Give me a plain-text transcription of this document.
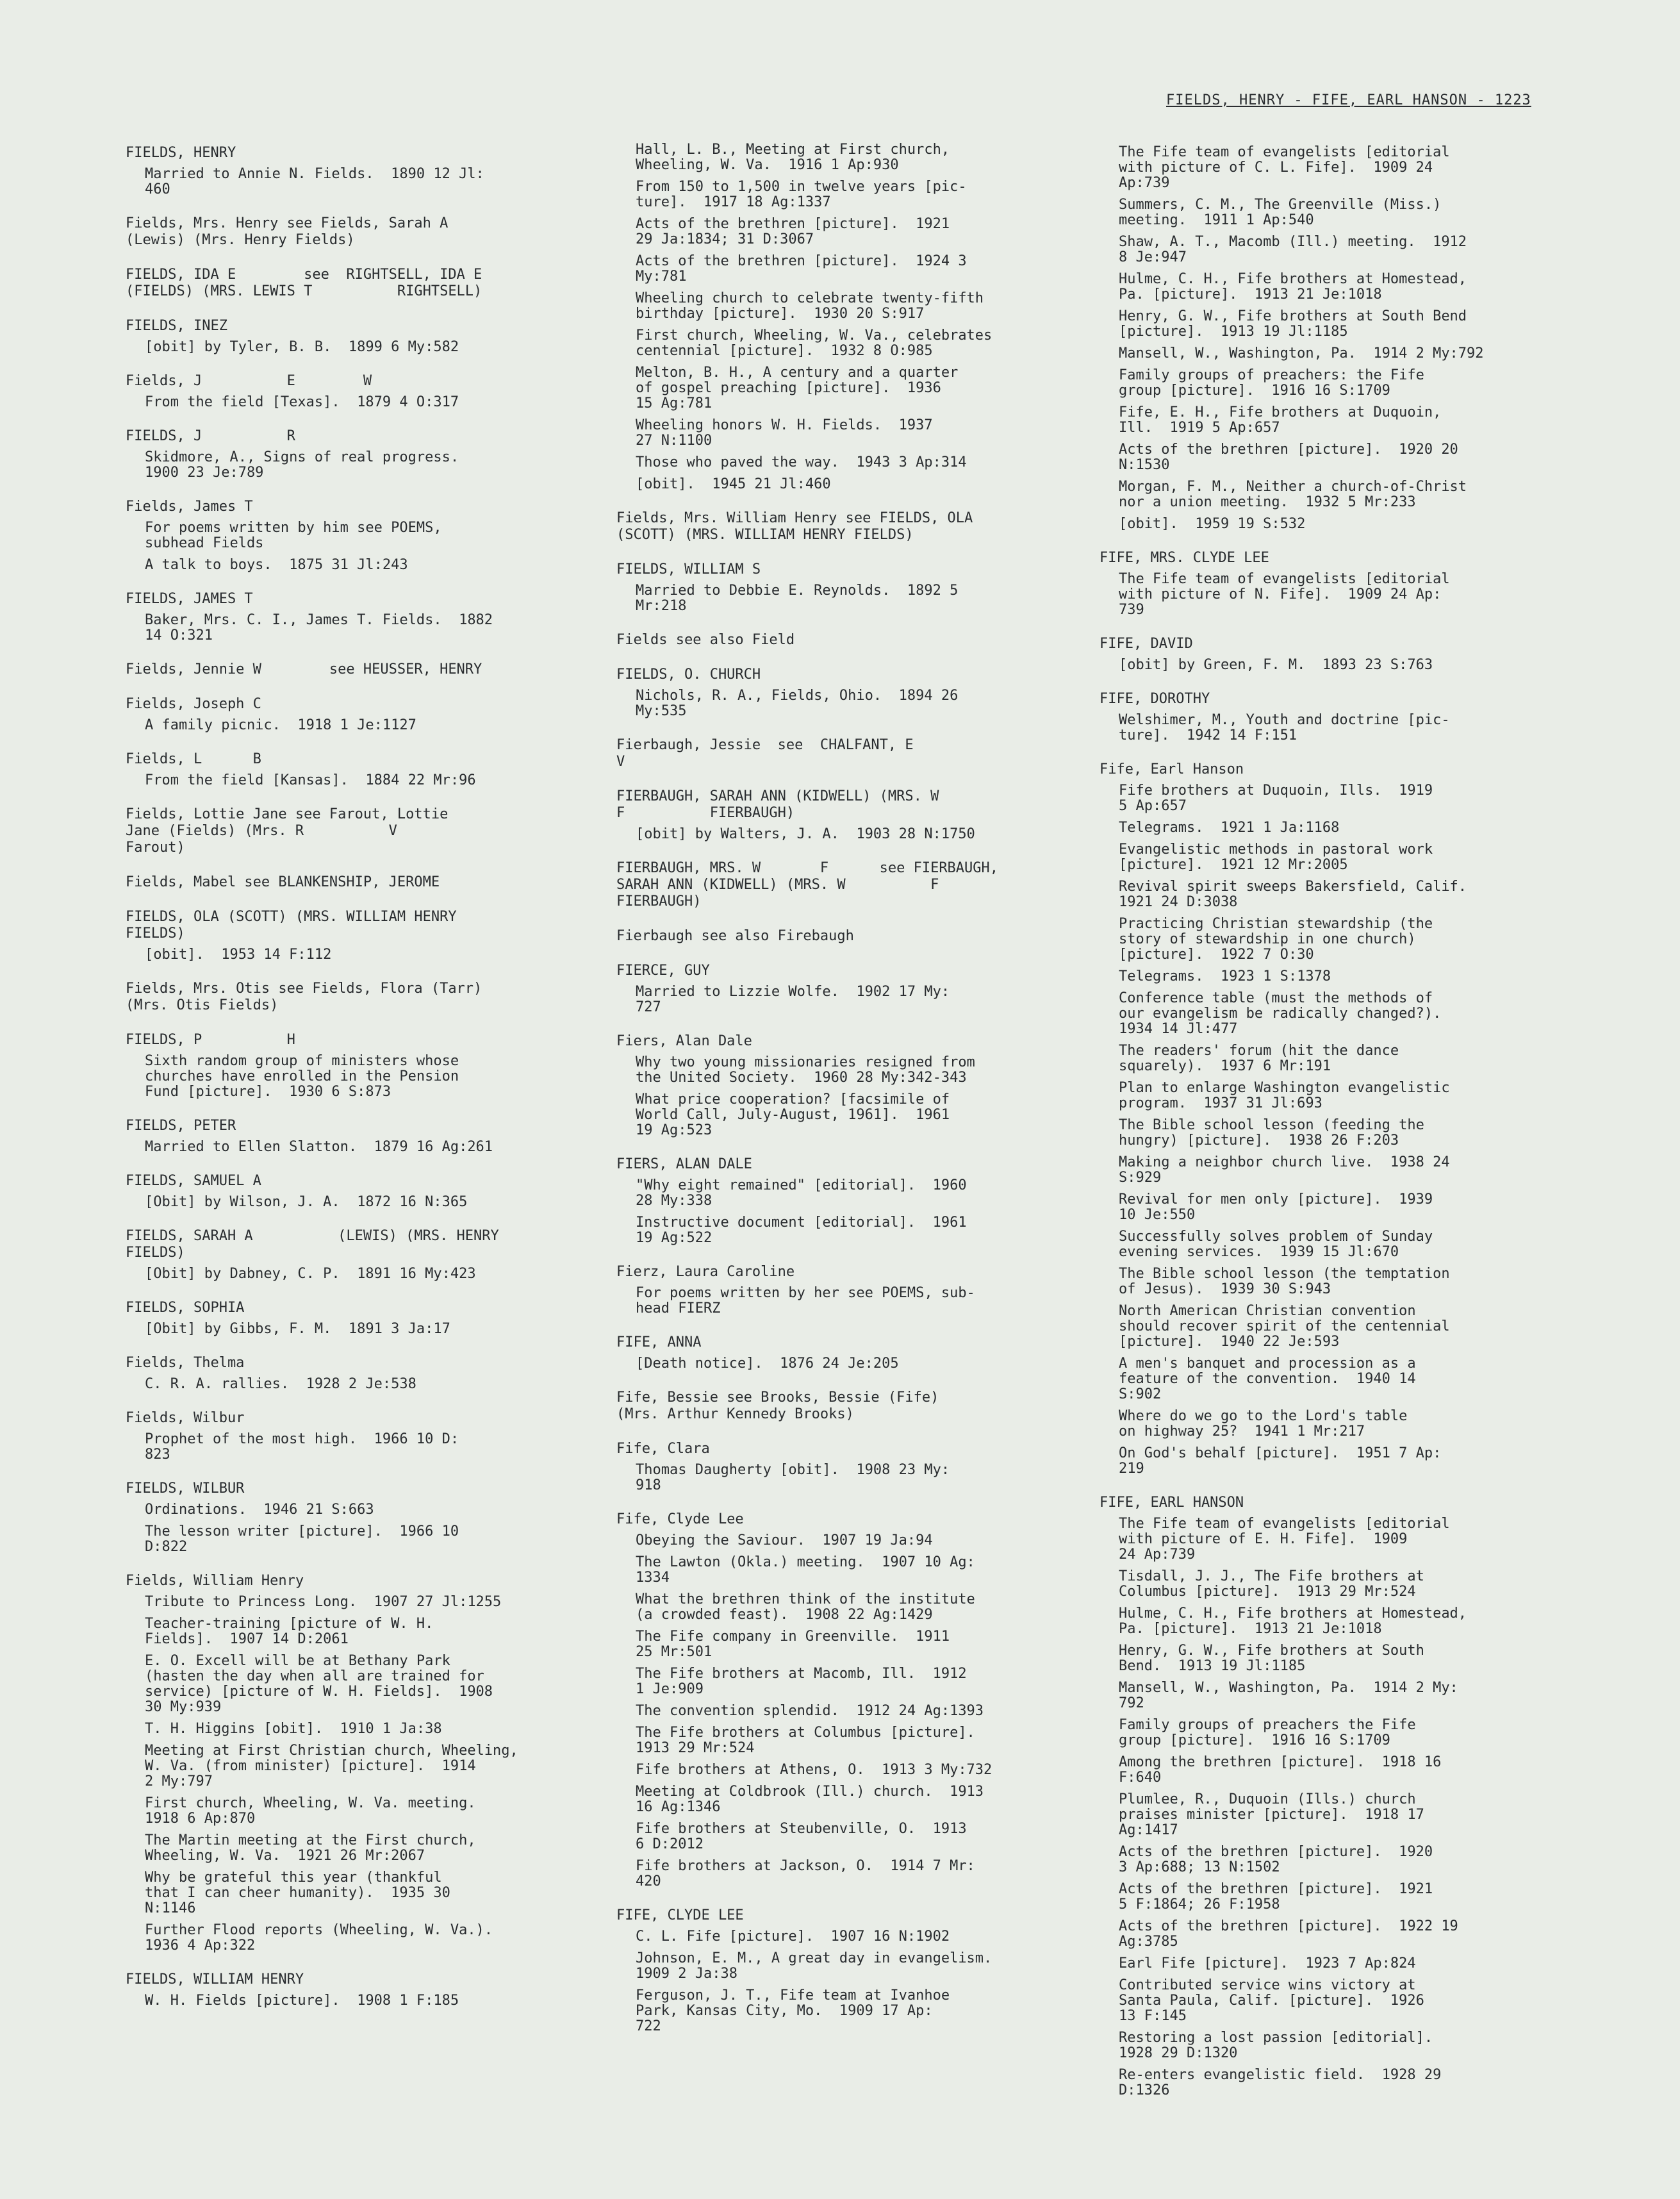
FIELDS, HENRY - FIFE, EARL HANSON - 1223
FIELDS, HENRY
Married to Annie N. Fields.  1890 12 Jl:
460
Fields, Mrs. Henry see Fields, Sarah A
(Lewis) (Mrs. Henry Fields)
FIELDS, IDA E        see  RIGHTSELL, IDA E
(FIELDS) (MRS. LEWIS T          RIGHTSELL)
FIELDS, INEZ
[obit] by Tyler, B. B.  1899 6 My:582
Fields, J          E        W
From the field [Texas].  1879 4 O:317
FIELDS, J          R
Skidmore, A., Signs of real progress.
1900 23 Je:789
Fields, James T
For poems written by him see POEMS,
subhead Fields
A talk to boys.  1875 31 Jl:243
FIELDS, JAMES T
Baker, Mrs. C. I., James T. Fields.  1882
14 O:321
Fields, Jennie W        see HEUSSER, HENRY
Fields, Joseph C
A family picnic.  1918 1 Je:1127
Fields, L      B
From the field [Kansas].  1884 22 Mr:96
Fields, Lottie Jane see Farout, Lottie
Jane (Fields) (Mrs. R          V
Farout)
Fields, Mabel see BLANKENSHIP, JEROME
FIELDS, OLA (SCOTT) (MRS. WILLIAM HENRY
FIELDS)
[obit].  1953 14 F:112
Fields, Mrs. Otis see Fields, Flora (Tarr)
(Mrs. Otis Fields)
FIELDS, P          H
Sixth random group of ministers whose
churches have enrolled in the Pension
Fund [picture].  1930 6 S:873
FIELDS, PETER
Married to Ellen Slatton.  1879 16 Ag:261
FIELDS, SAMUEL A
[Obit] by Wilson, J. A.  1872 16 N:365
FIELDS, SARAH A          (LEWIS) (MRS. HENRY
FIELDS)
[Obit] by Dabney, C. P.  1891 16 My:423
FIELDS, SOPHIA
[Obit] by Gibbs, F. M.  1891 3 Ja:17
Fields, Thelma
C. R. A. rallies.  1928 2 Je:538
Fields, Wilbur
Prophet of the most high.  1966 10 D:
823
FIELDS, WILBUR
Ordinations.  1946 21 S:663
The lesson writer [picture].  1966 10
D:822
Fields, William Henry
Tribute to Princess Long.  1907 27 Jl:1255
Teacher-training [picture of W. H.
Fields].  1907 14 D:2061
E. O. Excell will be at Bethany Park
(hasten the day when all are trained for
service) [picture of W. H. Fields].  1908
30 My:939
T. H. Higgins [obit].  1910 1 Ja:38
Meeting at First Christian church, Wheeling,
W. Va. (from minister) [picture].  1914
2 My:797
First church, Wheeling, W. Va. meeting.
1918 6 Ap:870
The Martin meeting at the First church,
Wheeling, W. Va.  1921 26 Mr:2067
Why be grateful this year (thankful
that I can cheer humanity).  1935 30
N:1146
Further Flood reports (Wheeling, W. Va.).
1936 4 Ap:322
FIELDS, WILLIAM HENRY
W. H. Fields [picture].  1908 1 F:185
Hall, L. B., Meeting at First church,
Wheeling, W. Va.  1916 1 Ap:930
From 150 to 1,500 in twelve years [pic-
ture].  1917 18 Ag:1337
Acts of the brethren [picture].  1921
29 Ja:1834; 31 D:3067
Acts of the brethren [picture].  1924 3
My:781
Wheeling church to celebrate twenty-fifth
birthday [picture].  1930 20 S:917
First church, Wheeling, W. Va., celebrates
centennial [picture].  1932 8 O:985
Melton, B. H., A century and a quarter
of gospel preaching [picture].  1936
15 Ag:781
Wheeling honors W. H. Fields.  1937
27 N:1100
Those who paved the way.  1943 3 Ap:314
[obit].  1945 21 Jl:460
Fields, Mrs. William Henry see FIELDS, OLA
(SCOTT) (MRS. WILLIAM HENRY FIELDS)
FIELDS, WILLIAM S
Married to Debbie E. Reynolds.  1892 5
Mr:218
Fields see also Field
FIELDS, O. CHURCH
Nichols, R. A., Fields, Ohio.  1894 26
My:535
Fierbaugh, Jessie  see  CHALFANT, E
V
FIERBAUGH, SARAH ANN (KIDWELL) (MRS. W
F          FIERBAUGH)
[obit] by Walters, J. A.  1903 28 N:1750
FIERBAUGH, MRS. W       F      see FIERBAUGH,
SARAH ANN (KIDWELL) (MRS. W          F
FIERBAUGH)
Fierbaugh see also Firebaugh
FIERCE, GUY
Married to Lizzie Wolfe.  1902 17 My:
727
Fiers, Alan Dale
Why two young missionaries resigned from
the United Society.  1960 28 My:342-343
What price cooperation? [facsimile of
World Call, July-August, 1961].  1961
19 Ag:523
FIERS, ALAN DALE
"Why eight remained" [editorial].  1960
28 My:338
Instructive document [editorial].  1961
19 Ag:522
Fierz, Laura Caroline
For poems written by her see POEMS, sub-
head FIERZ
FIFE, ANNA
[Death notice].  1876 24 Je:205
Fife, Bessie see Brooks, Bessie (Fife)
(Mrs. Arthur Kennedy Brooks)
Fife, Clara
Thomas Daugherty [obit].  1908 23 My:
918
Fife, Clyde Lee
Obeying the Saviour.  1907 19 Ja:94
The Lawton (Okla.) meeting.  1907 10 Ag:
1334
What the brethren think of the institute
(a crowded feast).  1908 22 Ag:1429
The Fife company in Greenville.  1911
25 Mr:501
The Fife brothers at Macomb, Ill.  1912
1 Je:909
The convention splendid.  1912 24 Ag:1393
The Fife brothers at Columbus [picture].
1913 29 Mr:524
Fife brothers at Athens, O.  1913 3 My:732
Meeting at Coldbrook (Ill.) church.  1913
16 Ag:1346
Fife brothers at Steubenville, O.  1913
6 D:2012
Fife brothers at Jackson, O.  1914 7 Mr:
420
FIFE, CLYDE LEE
C. L. Fife [picture].  1907 16 N:1902
Johnson, E. M., A great day in evangelism.
1909 2 Ja:38
Ferguson, J. T., Fife team at Ivanhoe
Park, Kansas City, Mo.  1909 17 Ap:
722
The Fife team of evangelists [editorial
with picture of C. L. Fife].  1909 24
Ap:739
Summers, C. M., The Greenville (Miss.)
meeting.  1911 1 Ap:540
Shaw, A. T., Macomb (Ill.) meeting.  1912
8 Je:947
Hulme, C. H., Fife brothers at Homestead,
Pa. [picture].  1913 21 Je:1018
Henry, G. W., Fife brothers at South Bend
[picture].  1913 19 Jl:1185
Mansell, W., Washington, Pa.  1914 2 My:792
Family groups of preachers: the Fife
group [picture].  1916 16 S:1709
Fife, E. H., Fife brothers at Duquoin,
Ill.  1919 5 Ap:657
Acts of the brethren [picture].  1920 20
N:1530
Morgan, F. M., Neither a church-of-Christ
nor a union meeting.  1932 5 Mr:233
[obit].  1959 19 S:532
FIFE, MRS. CLYDE LEE
The Fife team of evangelists [editorial
with picture of N. Fife].  1909 24 Ap:
739
FIFE, DAVID
[obit] by Green, F. M.  1893 23 S:763
FIFE, DOROTHY
Welshimer, M., Youth and doctrine [pic-
ture].  1942 14 F:151
Fife, Earl Hanson
Fife brothers at Duquoin, Ills.  1919
5 Ap:657
Telegrams.  1921 1 Ja:1168
Evangelistic methods in pastoral work
[picture].  1921 12 Mr:2005
Revival spirit sweeps Bakersfield, Calif.
1921 24 D:3038
Practicing Christian stewardship (the
story of stewardship in one church)
[picture].  1922 7 O:30
Telegrams.  1923 1 S:1378
Conference table (must the methods of
our evangelism be radically changed?).
1934 14 Jl:477
The readers' forum (hit the dance
squarely).  1937 6 Mr:191
Plan to enlarge Washington evangelistic
program.  1937 31 Jl:693
The Bible school lesson (feeding the
hungry) [picture].  1938 26 F:203
Making a neighbor church live.  1938 24
S:929
Revival for men only [picture].  1939
10 Je:550
Successfully solves problem of Sunday
evening services.  1939 15 Jl:670
The Bible school lesson (the temptation
of Jesus).  1939 30 S:943
North American Christian convention
should recover spirit of the centennial
[picture].  1940 22 Je:593
A men's banquet and procession as a
feature of the convention.  1940 14
S:902
Where do we go to the Lord's table
on highway 25?  1941 1 Mr:217
On God's behalf [picture].  1951 7 Ap:
219
FIFE, EARL HANSON
The Fife team of evangelists [editorial
with picture of E. H. Fife].  1909
24 Ap:739
Tisdall, J. J., The Fife brothers at
Columbus [picture].  1913 29 Mr:524
Hulme, C. H., Fife brothers at Homestead,
Pa. [picture].  1913 21 Je:1018
Henry, G. W., Fife brothers at South
Bend.  1913 19 Jl:1185
Mansell, W., Washington, Pa.  1914 2 My:
792
Family groups of preachers the Fife
group [picture].  1916 16 S:1709
Among the brethren [picture].  1918 16
F:640
Plumlee, R., Duquoin (Ills.) church
praises minister [picture].  1918 17
Ag:1417
Acts of the brethren [picture].  1920
3 Ap:688; 13 N:1502
Acts of the brethren [picture].  1921
5 F:1864; 26 F:1958
Acts of the brethren [picture].  1922 19
Ag:3785
Earl Fife [picture].  1923 7 Ap:824
Contributed service wins victory at
Santa Paula, Calif. [picture].  1926
13 F:145
Restoring a lost passion [editorial].
1928 29 D:1320
Re-enters evangelistic field.  1928 29
D:1326
